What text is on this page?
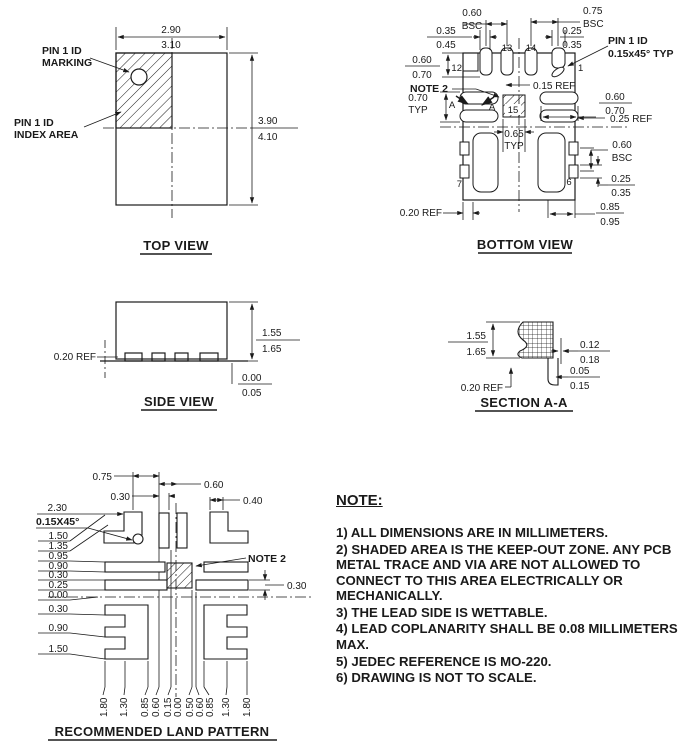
2.90
3.10
3.90
4.10
PIN 1 ID
MARKING
PIN 1 ID
INDEX AREA
TOP VIEW
0.60
BSC
0.75
BSC
0.35
0.45
0.25
0.35	PIN 1 ID
0.15x45° TYP
0.15 REF
0.60
0.70
NOTE 2
0.70
TYP
0.60
0.70
0.25 REF
0.60
BSC
0.25
0.35
0.85
0.95
0.20 REF
15
0.65
TYP
12
13 14
1
7	6
A	A
BOTTOM VIEW
0.20 REF
1.55
1.65
0.00
0.05
SIDE VIEW
1.55
1.65
0.12
0.18
0.05
0.15
0.20 REF
SECTION A-A
0.75
0.30
0.60
0.40
2.30
0.15X45°
1.50
1.35
0.95
0.90
0.30
0.25
0.00
0.30
0.90
1.50
0.30
NOTE 2
1.80 1.30 0.85 0.60 0.15 0.00 0.50 0.60 0.85 1.30 1.80
RECOMMENDED LAND PATTERN
NOTE:

1) ALL DIMENSIONS ARE IN MILLIMETERS.

2) SHADED AREA IS THE KEEP-OUT ZONE. ANY PCB METAL TRACE AND VIA ARE NOT ALLOWED TO CONNECT TO THIS AREA ELECTRICALLY OR MECHANICALLY.

3) THE LEAD SIDE IS WETTABLE.

4) LEAD COPLANARITY SHALL BE 0.08 MILLIMETERS MAX.

5) JEDEC REFERENCE IS MO-220.

6) DRAWING IS NOT TO SCALE.
